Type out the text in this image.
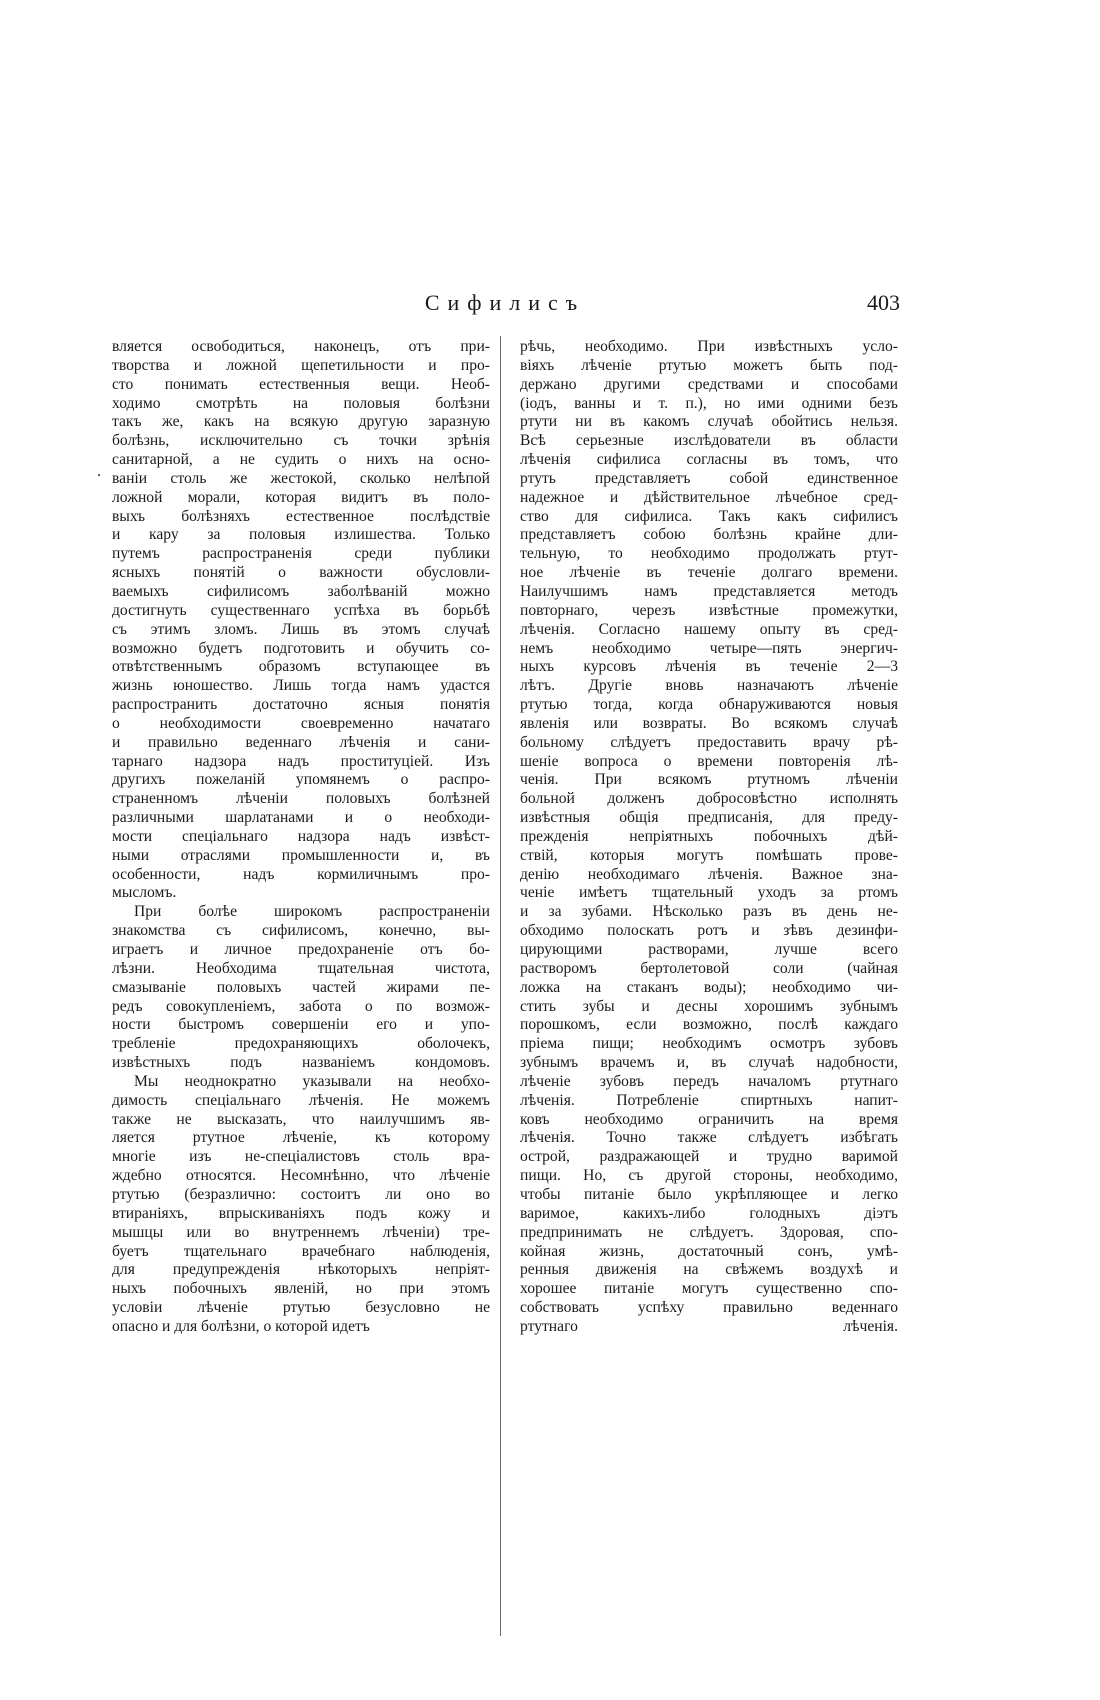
Сифилисъ	403
.
вляется освободиться, наконецъ, отъ при-
творства и ложной щепетильности и про-
сто понимать естественныя вещи. Необ-
ходимо смотрѣть на половыя болѣзни
такъ же, какъ на всякую другую заразную
болѣзнь, исключительно съ точки зрѣнія
санитарной, а не судить о нихъ на осно-
ваніи столь же жестокой, сколько нелѣпой
ложной морали, которая видитъ въ поло-
выхъ болѣзняхъ естественное послѣдствіе
и кару за половыя излишества. Только
путемъ распространенія среди публики
ясныхъ понятій о важности обусловли-
ваемыхъ сифилисомъ заболѣваній можно
достигнуть существеннаго успѣха въ борьбѣ
съ этимъ зломъ. Лишь въ этомъ случаѣ
возможно будетъ подготовить и обучить со-
отвѣтственнымъ образомъ вступающее въ
жизнь юношество. Лишь тогда намъ удастся
распространить достаточно ясныя понятія
о необходимости своевременно начатаго
и правильно веденнаго лѣченія и сани-
тарнаго надзора надъ проституціей. Изъ
другихъ пожеланій упомянемъ о распро-
страненномъ лѣченіи половыхъ болѣзней
различными шарлатанами и о необходи-
мости спеціальнаго надзора надъ извѣст-
ными отраслями промышленности и, въ
особенности, надъ кормиличнымъ про-
мысломъ.
При болѣе широкомъ распространеніи
знакомства съ сифилисомъ, конечно, вы-
играетъ и личное предохраненіе отъ бо-
лѣзни. Необходима тщательная чистота,
смазываніе половыхъ частей жирами пе-
редъ совокупленіемъ, забота о по возмож-
ности быстромъ совершеніи его и упо-
требленіе предохраняющихъ оболочекъ,
извѣстныхъ подъ названіемъ кондомовъ.
Мы неоднократно указывали на необхо-
димость спеціальнаго лѣченія. Не можемъ
также не высказать, что наилучшимъ яв-
ляется ртутное лѣченіе, къ которому
многіе изъ не-спеціалистовъ столь вра-
ждебно относятся. Несомнѣнно, что лѣченіе
ртутью (безразлично: состоитъ ли оно во
втираніяхъ, впрыскиваніяхъ подъ кожу и
мышцы или во внутреннемъ лѣченіи) тре-
буетъ тщательнаго врачебнаго наблюденія,
для предупрежденія нѣкоторыхъ непріят-
ныхъ побочныхъ явленій, но при этомъ
условіи лѣченіе ртутью безусловно не
опасно и для болѣзни, о которой идетъ
рѣчь, необходимо. При извѣстныхъ усло-
віяхъ лѣченіе ртутью можетъ быть под-
держано другими средствами и способами
(іодъ, ванны и т. п.), но ими одними безъ
ртути ни въ какомъ случаѣ обойтись нельзя.
Всѣ серьезные изслѣдователи въ области
лѣченія сифилиса согласны въ томъ, что
ртуть представляетъ собой единственное
надежное и дѣйствительное лѣчебное сред-
ство для сифилиса. Такъ какъ сифилисъ
представляетъ собою болѣзнь крайне дли-
тельную, то необходимо продолжать ртут-
ное лѣченіе въ теченіе долгаго времени.
Наилучшимъ намъ представляется методъ
повторнаго, черезъ извѣстные промежутки,
лѣченія. Согласно нашему опыту въ сред-
немъ необходимо четыре—пять энергич-
ныхъ курсовъ лѣченія въ теченіе 2—3
лѣтъ. Другіе вновь назначаютъ лѣченіе
ртутью тогда, когда обнаруживаются новыя
явленія или возвраты. Во всякомъ случаѣ
больному слѣдуетъ предоставить врачу рѣ-
шеніе вопроса о времени повторенія лѣ-
ченія. При всякомъ ртутномъ лѣченіи
больной долженъ добросовѣстно исполнять
извѣстныя общія предписанія, для преду-
прежденія непріятныхъ побочныхъ дѣй-
ствій, которыя могутъ помѣшать прове-
денію необходимаго лѣченія. Важное зна-
ченіе имѣетъ тщательный уходъ за ртомъ
и за зубами. Нѣсколько разъ въ день не-
обходимо полоскать ротъ и зѣвъ дезинфи-
цирующими растворами, лучше всего
растворомъ бертолетовой соли (чайная
ложка на стаканъ воды); необходимо чи-
стить зубы и десны хорошимъ зубнымъ
порошкомъ, если возможно, послѣ каждаго
пріема пищи; необходимъ осмотръ зубовъ
зубнымъ врачемъ и, въ случаѣ надобности,
лѣченіе зубовъ передъ началомъ ртутнаго
лѣченія. Потребленіе спиртныхъ напит-
ковъ необходимо ограничить на время
лѣченія. Точно также слѣдуетъ избѣгать
острой, раздражающей и трудно варимой
пищи. Но, съ другой стороны, необходимо,
чтобы питаніе было укрѣпляющее и легко
варимое, какихъ-либо голодныхъ діэтъ
предпринимать не слѣдуетъ. Здоровая, спо-
койная жизнь, достаточный сонъ, умѣ-
ренныя движенія на свѣжемъ воздухѣ и
хорошее питаніе могутъ существенно спо-
собствовать успѣху правильно веденнаго
ртутнаго лѣченія.
